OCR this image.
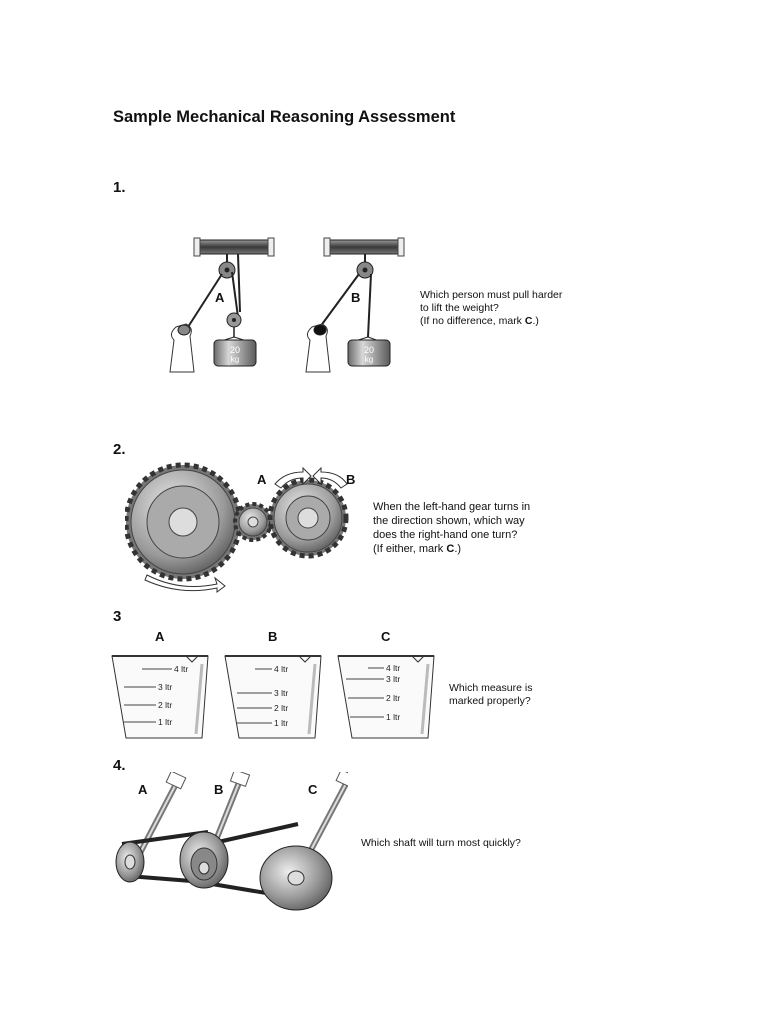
Sample Mechanical Reasoning Assessment
1.
20
kg
A
20
kg
B	Which person must pull harder
to lift the weight?
(If no difference, mark C.)
2.
A	B
When the left-hand gear turns in
the direction shown, which way
does the right-hand one turn?
(If either, mark C.)
3
A	B	C
4 ltr
3 ltr
2 ltr
1 ltr
4 ltr
3 ltr
2 ltr
1 ltr
4 ltr
3 ltr
2 ltr
1 ltr
Which measure is
marked properly?
4.
A	B	C
Which shaft will turn most quickly?
